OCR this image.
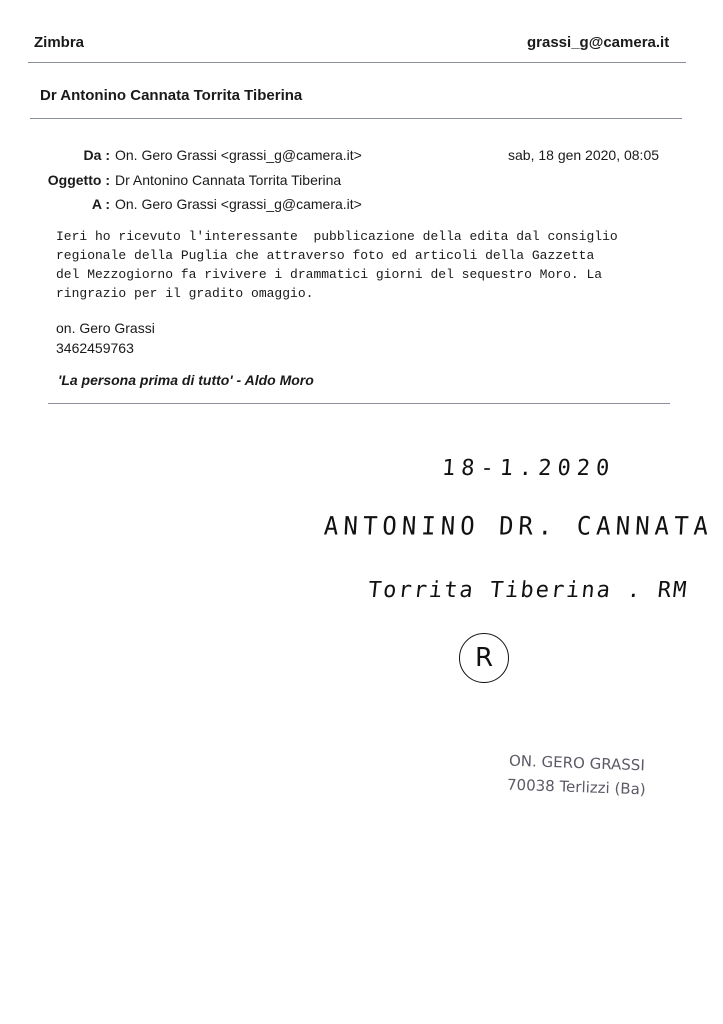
Zimbra	grassi_g@camera.it
Dr Antonino Cannata Torrita Tiberina
Da : On. Gero Grassi <grassi_g@camera.it>	sab, 18 gen 2020, 08:05
Oggetto : Dr Antonino Cannata Torrita Tiberina
A : On. Gero Grassi <grassi_g@camera.it>
Ieri ho ricevuto l'interessante  pubblicazione della edita dal consiglio
regionale della Puglia che attraverso foto ed articoli della Gazzetta
del Mezzogiorno fa rivivere i drammatici giorni del sequestro Moro. La
ringrazio per il gradito omaggio.
on. Gero Grassi
3462459763
'La persona prima di tutto' - Aldo Moro
18-1.2020
ANTONINO DR. CANNATA
Torrita Tiberina . RM
R
ON. GERO GRASSI
70038 Terlizzi (Ba)
